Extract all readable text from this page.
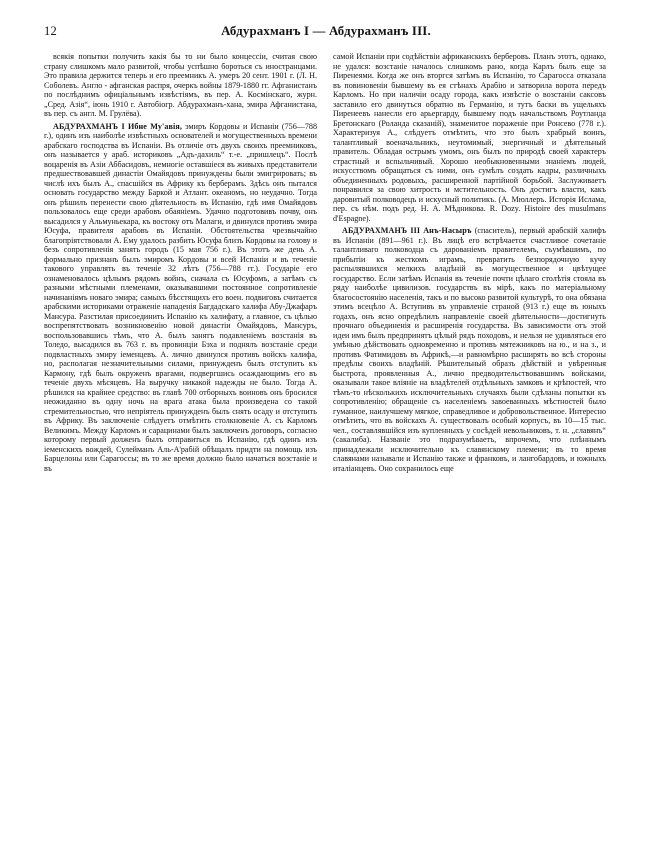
12	Абдурахманъ I — Абдурахманъ III.

всякія попытки получить какія бы то ни было концессіи, считая свою страну слишкомъ мало развитой, чтобы успѣшно бороться съ иностранцами. Это правила держится теперь и его преемникъ А. умеръ 20 сент. 1901 г. (Л. Н. Соболевъ. Англо - афганская распря, очеркъ войны 1879-1880 гг. Афганистанъ по послѣднимъ офиціальнымъ извѣстіямъ, въ пер. А. Космінскаго, журн. „Сред. Азія“, іюнь 1910 г. Автобіогр. Абдурахманъ-хана, эмира Афганистана, въ пер. съ англ. М. Грулёва).

АБДУРАХМАНЪ I Ибне Му'авія, эмиръ Кордовы и Испаніи (756—788 г.), одинъ изъ наиболѣе извѣстныхъ основателей и могущественныхъ времени арабскаго господства въ Испаніи. Въ отличіе отъ двухъ своихъ преемниковъ, онъ называется у араб. историковъ „Адъ-дахиль“ т.-е. „пришлецъ“. Послѣ воцаренія въ Азіи Аббасидовъ, немногіе оставшіеся въ живыхъ представители предшествовавшей династіи Омайядовъ принуждены были эмигрировать; въ числѣ ихъ былъ А., спасшійся въ Африку къ берберамъ. Здѣсь онъ пытался основать государство между Баркой и Атлант. океаномъ, но неудачно. Тогда онъ рѣшилъ перенести свою дѣятельность въ Испанію, гдѣ имя Омайядовъ пользовалось еще среди арабовъ обаяніемъ. Удачно подготовивъ почву, онъ высадился у Альмуньекара, къ востоку отъ Малаги, и двинулся противъ эмира Юсуфа, правителя арабовъ въ Испаніи. Обстоятельства чрезвычайно благопріятствовали А. Ему удалось разбить Юсуфа близъ Кордовы на голову и безъ сопротивленія занять городъ (15 мая 756 г.). Въ этотъ же день А. формально признанъ былъ эмиромъ Кордовы и всей Испаніи и въ теченіе такового управлять въ теченіе 32 лѣтъ (756—788 гг.). Государіе его ознаменовалось цѣлымъ рядомъ войнъ, сначала съ Юсуфомъ, а затѣмъ съ разными мѣстными племенами, оказывавшими постоянное сопротивленіе начинаніямъ новаго эмира; самыхъ бѣсстящихъ его воен. подвиговъ считается арабскими историками отраженіе нападенія Багдадскаго халифа Абу-Джафаръ Мансура. Разстилая присоединить Испанію къ халифату, а главное, съ цѣлью воспрепятствовать возникновенію новой династіи Омайядовъ, Мансуръ, воспользовавшись тѣмъ, что А. былъ занятъ подавленіемъ возстанія въ Толедо, высадился въ 763 г. въ провинціи Бэха и поднялъ возстаніе среди подвластныхъ эмиру іеменцевъ. А. лично двинулся противъ войскъ халифа, но, располагая незначительными силами, принужденъ былъ отступить къ Кармону, гдѣ былъ окруженъ врагами, подвергшись осаждающимъ его въ теченіе двухъ мѣсяцевъ. На выручку никакой надежды не было. Тогда А. рѣшился на крайнее средство: въ главѣ 700 отборныхъ воиновъ онъ бросился неожиданно въ одну ночь на врага атака была произведена со такой стремительностью, что непріятель принужденъ былъ снять осаду и отступить въ Африку. Въ заключеніе слѣдуетъ отмѣтить столкновеніе А. съ Карломъ Великимъ. Между Карломъ и сарацинами былъ заключенъ договоръ, согласно которому первый долженъ былъ отправиться въ Испанію, гдѣ одинъ изъ іеменскихъ вождей, Сулейманъ Аль-А'рабій обѣщалъ придти на помощь изъ Барцелоны или Сарагоссы; въ то же время должно было начаться возстаніе и въ

самой Испаніи при содѣйствіи африканскихъ берберовъ. Планъ этотъ, однако, не удался: возстаніе началось слишкомъ рано, когда Карлъ былъ еще за Пиренеями. Когда же онъ вторгся затѣмъ въ Испанію, то Сарагосса отказала въ повиновеніи бывшему въ ея стѣнахъ Арабію и затворила ворота передъ Карломъ. Но при наличіи осаду города, какъ извѣстіе о возстаніи саксовъ заставило его двинуться обратно въ Германію, и тутъ баски въ ущельяхъ Пиренеевъ нанесли его арьергарду, бывшему подъ начальствомъ Роутланда Бретонскаго (Роланда сказаній), знаменитое пораженіе при Ронсево (778 г.). Характеризуя А., слѣдуетъ отмѣтить, что это былъ храбрый воинъ, талантливый военачальникъ, неутомимый, энергичный и дѣятельный правитель. Обладая острымъ умомъ, онъ былъ по природѣ своей характеръ страстный и вспыльчивый. Хорошо необыкновенными знаніемъ людей, искусствомъ обращаться съ ними, онъ сумѣлъ создать кадры, различныхъ объединенныхъ родовыхъ, расширенной партійной борьбой. Заслуживаетъ понравился за свою хитрость и мстительность. Онъ достигъ власти, какъ даровитый полководецъ и искусный политикъ. (А. Мюллеръ. Исторія Ислама, пер. съ нѣм. подъ ред. Н. А. Мѣдникова. R. Dozy. Histoire des musulmans d'Espagne).

АБДУРАХМАНЪ III Анъ-Насыръ (спаситель), первый арабскій халифъ въ Испаніи (891—961 г.). Въ лицѣ его встрѣчается счастливое сочетаніе талантливаго полководца съ дарованіемъ правителемъ, съумѣвшимъ, по прибытіи къ жесткомъ играмъ, превратить безпорядочную кучу распылявшихся мелкихъ владѣній въ могущественное и цвѣтущее государство. Если затѣмъ Испанія въ теченіе почти цѣлаго столѣтія стояла въ ряду наиболѣе цивилизов. государствъ въ мірѣ, какъ по матеріальному благосостоянію населенія, такъ и по высоко развитой культурѣ, то она обязана этимъ всецѣло А. Вступивъ въ управленіе страной (913 г.) еще въ юныхъ годахъ, онъ ясно опредѣлилъ направленіе своей дѣятельности—достигнуть прочнаго объединенія и расширенія государства. Въ зависимости отъ этой идеи имъ былъ предпринятъ цѣлый рядъ походовъ, и нельзя не удивляться его умѣнью дѣйствовать одновременно и противъ мятежниковъ на ю., и на з., и противъ Фатимидовъ въ Африкѣ,—и равномѣрно расширять во всѣ стороны предѣлы своихъ владѣній. Рѣшительный образъ дѣйствій и увѣренныя быстрота, проявленныя А., лично предводительствовавшимъ войсками, оказывали такое вліяніе на владѣтелей отдѣльныхъ замковъ и крѣпостей, что тѣмъ-то нѣсколькихъ исключительныхъ случаяхъ были сдѣланы попытки къ сопротивленію; обращеніе съ населеніемъ завоеванныхъ мѣстностей было гуманное, наилучшему мягкое, справедливое и добровольственное. Интересно отмѣтить, что въ войскахъ А. существовалъ особый корпусъ, въ 10—15 тыс. чел., составлявшійся изъ купленныхъ у сосѣдей невольниковъ, т. н. „славянъ“ (сакалиба). Названіе это подразумѣваетъ, впрочемъ, что плѣннымъ принадлежали исключительно къ славянскому племени; въ то время славянами называли и Испанію также и франковъ, и лангобардовъ, и южныхъ италіанцевъ. Оно сохранилось еще
